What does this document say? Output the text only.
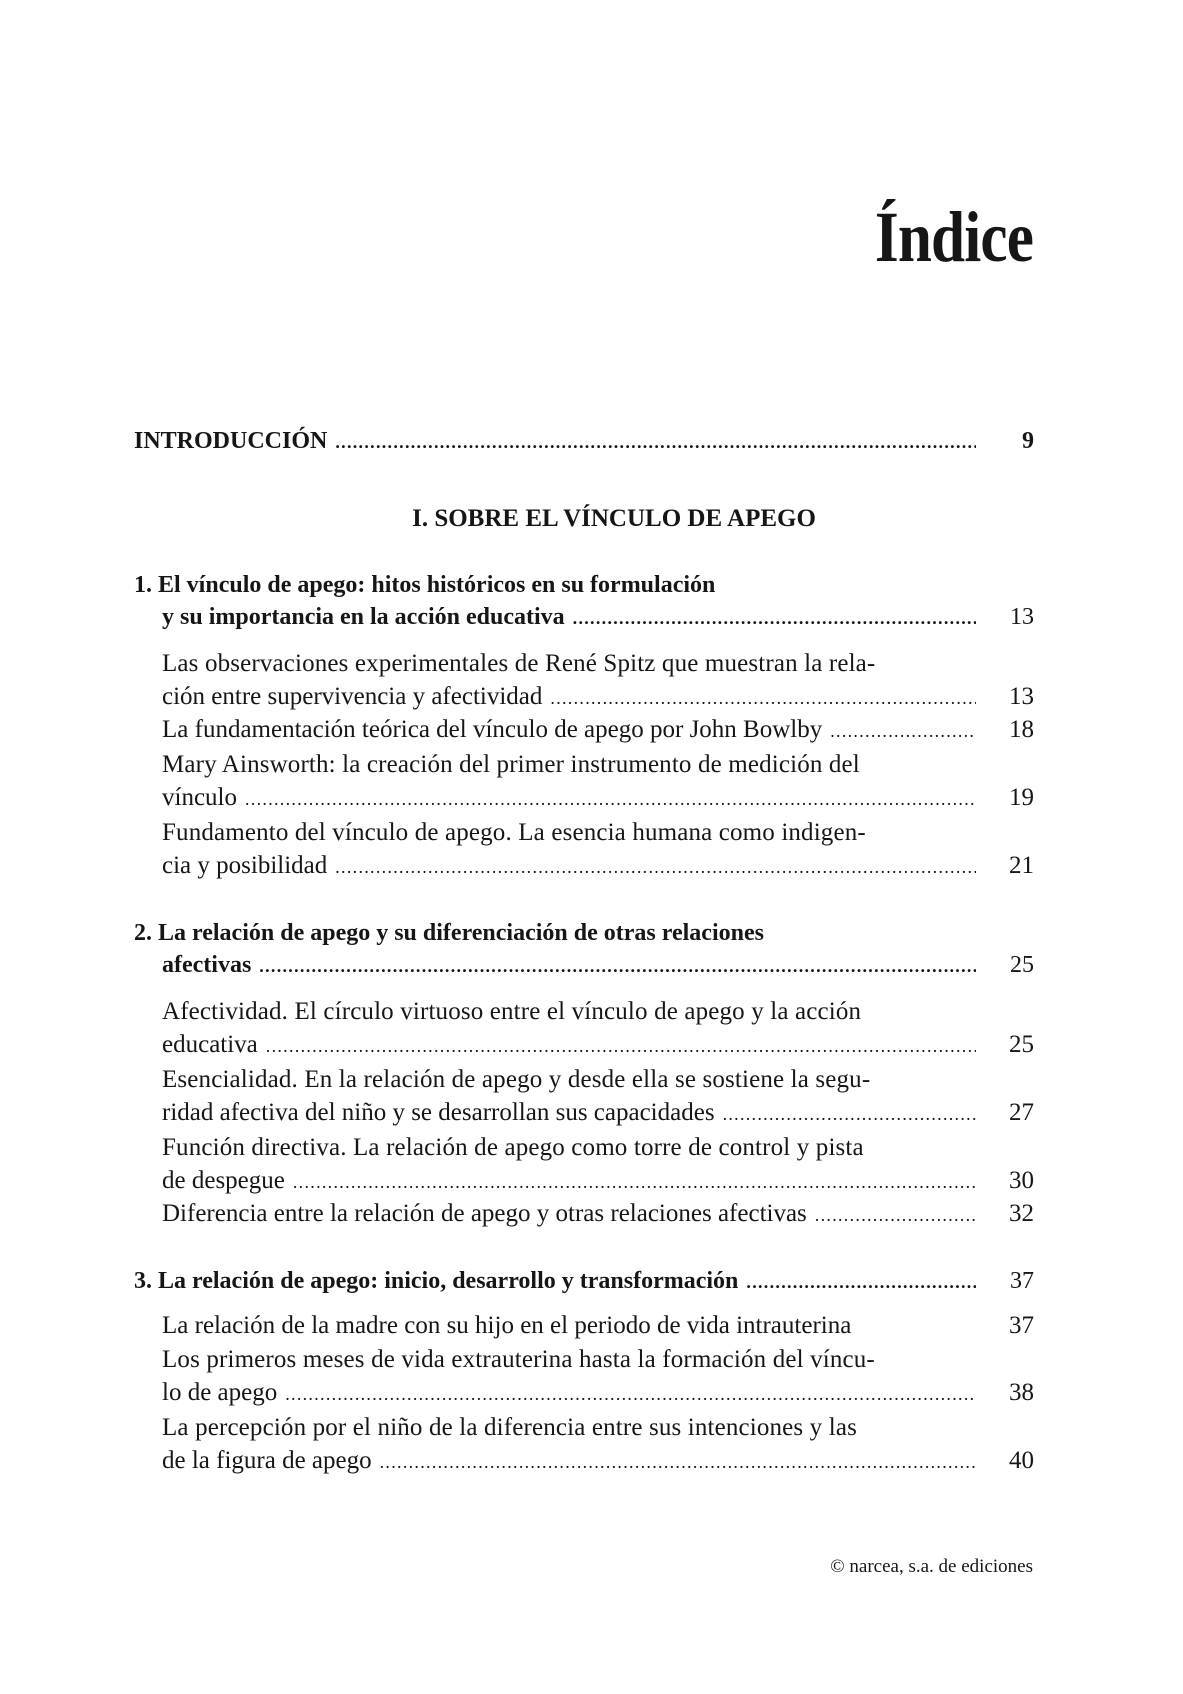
Índice
INTRODUCCIÓN .....	9
I. SOBRE EL VÍNCULO DE APEGO
1. El vínculo de apego: hitos históricos en su formulación
y su importancia en la acción educativa .....	13
Las observaciones experimentales de René Spitz que muestran la rela-
ción entre supervivencia y afectividad .....	13
La fundamentación teórica del vínculo de apego por John Bowlby .....	18
Mary Ainsworth: la creación del primer instrumento de medición del
vínculo .....	19
Fundamento del vínculo de apego. La esencia humana como indigen-
cia y posibilidad .....	21
2. La relación de apego y su diferenciación de otras relaciones
afectivas .....	25
Afectividad. El círculo virtuoso entre el vínculo de apego y la acción
educativa .....	25
Esencialidad. En la relación de apego y desde ella se sostiene la segu-
ridad afectiva del niño y se desarrollan sus capacidades .....	27
Función directiva. La relación de apego como torre de control y pista
de despegue .....	30
Diferencia entre la relación de apego y otras relaciones afectivas .....	32
3. La relación de apego: inicio, desarrollo y transformación .....	37
La relación de la madre con su hijo en el periodo de vida intrauterina	37
Los primeros meses de vida extrauterina hasta la formación del víncu-
lo de apego .....	38
La percepción por el niño de la diferencia entre sus intenciones y las
de la figura de apego .....	40
© narcea, s.a. de ediciones
